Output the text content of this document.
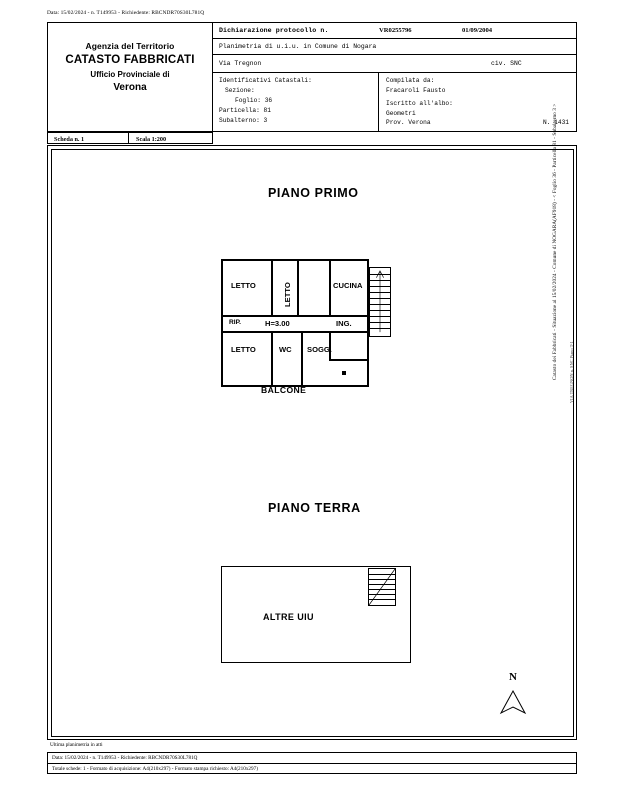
Data: 15/02/2024 - n. T149953 - Richiedente: RBCNDR70S30L781Q
Agenzia del Territorio
CATASTO FABBRICATI
Ufficio Provinciale di
Verona
Dichiarazione protocollo n.	VR0255796	01/09/2004
Planimetria di u.i.u. in Comune di Nogara
Via Tregnon	civ. SNC
Identificativi Catastali:
Sezione:
Foglio: 36
Particella: 81
Subalterno: 3
Compilata da:
Fracaroli Fausto
Iscritto all'albo:
Geometri
Prov. Verona	N. 1431
Scheda n. 1	Scala 1:200
PIANO PRIMO
PIANO TERRA
LETTO	LETTO	CUCINA
RIP.	H=3.00	ING.
LETTO	WC SOGG.
BALCONE
ALTRE UIU
N
Catasto dei Fabbricati - Situazione al 15/02/2024 - Comune di NOGARA(AF918) - < Foglio 36 - Particella 81 - Subalterno 3 >	VIA TREGNON n. SNC Piano T-1
Ultima planimetria in atti
Data: 15/02/2024 - n. T149953 - Richiedente: RBCNDR70S30L781Q
Totale schede: 1 - Formato di acquisizione: A4(210x297) - Formato stampa richiesto: A4(210x297)
